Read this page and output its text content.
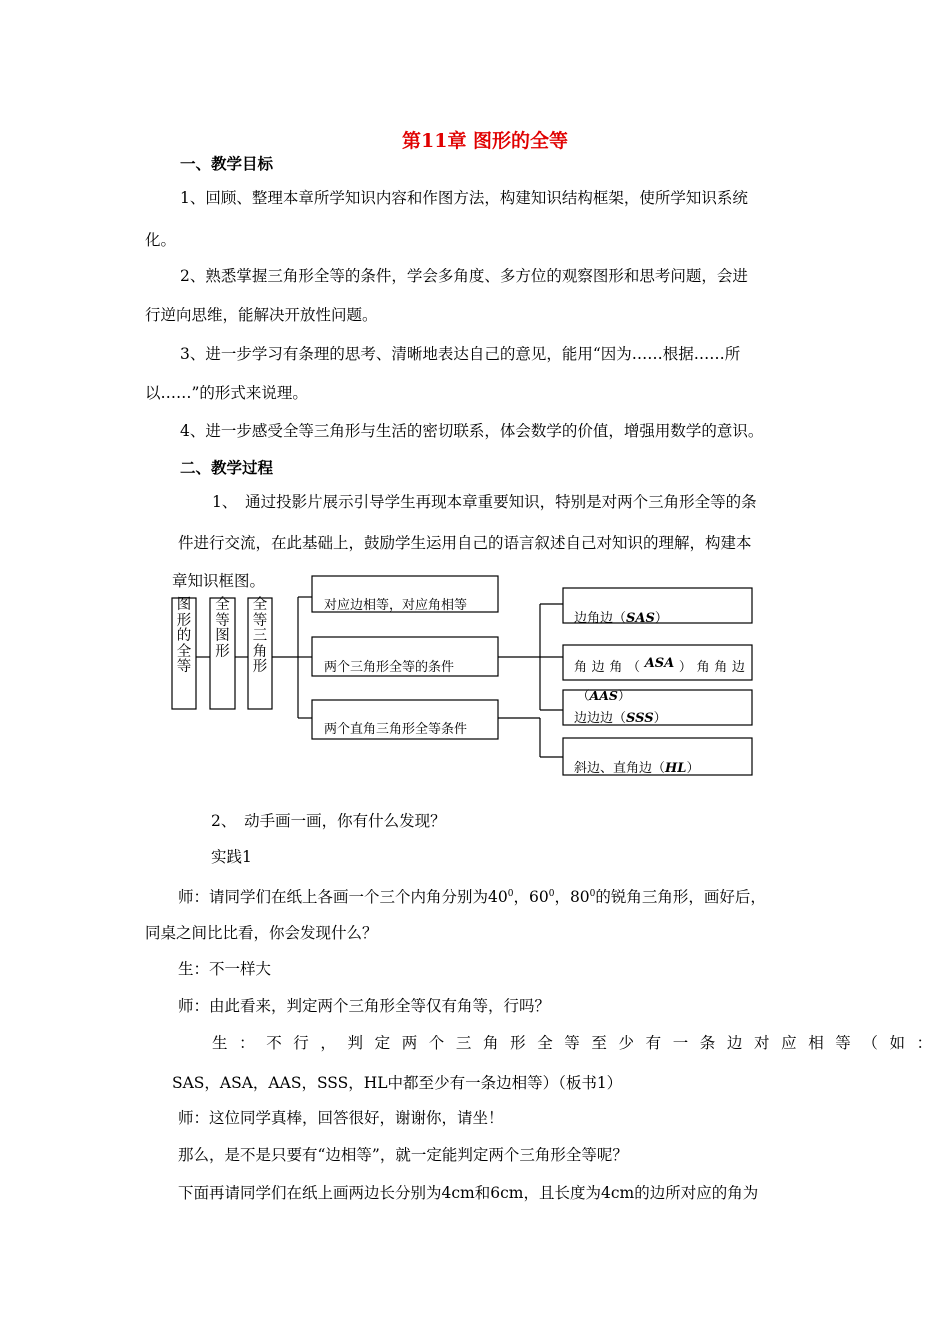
第11章 图形的全等
一、教学目标
1、回顾、整理本章所学知识内容和作图方法，构建知识结构框架，使所学知识系统
化。
2、熟悉掌握三角形全等的条件，学会多角度、多方位的观察图形和思考问题，会进
行逆向思维，能解决开放性问题。
3、进一步学习有条理的思考、清晰地表达自己的意见，能用“因为……根据……所
以……”的形式来说理。
4、进一步感受全等三角形与生活的密切联系，体会数学的价值，增强用数学的意识。
二、教学过程
1、　通过投影片展示引导学生再现本章重要知识，特别是对两个三角形全等的条
件进行交流，在此基础上，鼓励学生运用自己的语言叙述自己对知识的理解，构建本
章知识框图。
图
形
的
全
等
全
等
图
形
全
等
三
角
形
对应边相等，对应角相等
两个三角形全等的条件
两个直角三角形全等条件
边角边（SAS）
角 边 角 （ ASA ） 角 角 边
（AAS）
边边边（SSS）
斜边、直角边（HL）
2、　动手画一画，你有什么发现？
实践1
师：请同学们在纸上各画一个三个内角分别为$40^0$，$60^0$，$80^0$的锐角三角形，画好后，
同桌之间比比看，你会发现什么？
生：不一样大
师：由此看来，判定两个三角形全等仅有角等，行吗？
生：不行，判定两个三角形全等至少有一条边对应相等（如：
SAS，ASA，AAS，SSS，HL中都至少有一条边相等）（板书1）
师：这位同学真棒，回答很好，谢谢你，请坐！
那么，是不是只要有“边相等”，就一定能判定两个三角形全等呢？
下面再请同学们在纸上画两边长分别为4cm和6cm，且长度为4cm的边所对应的角为
